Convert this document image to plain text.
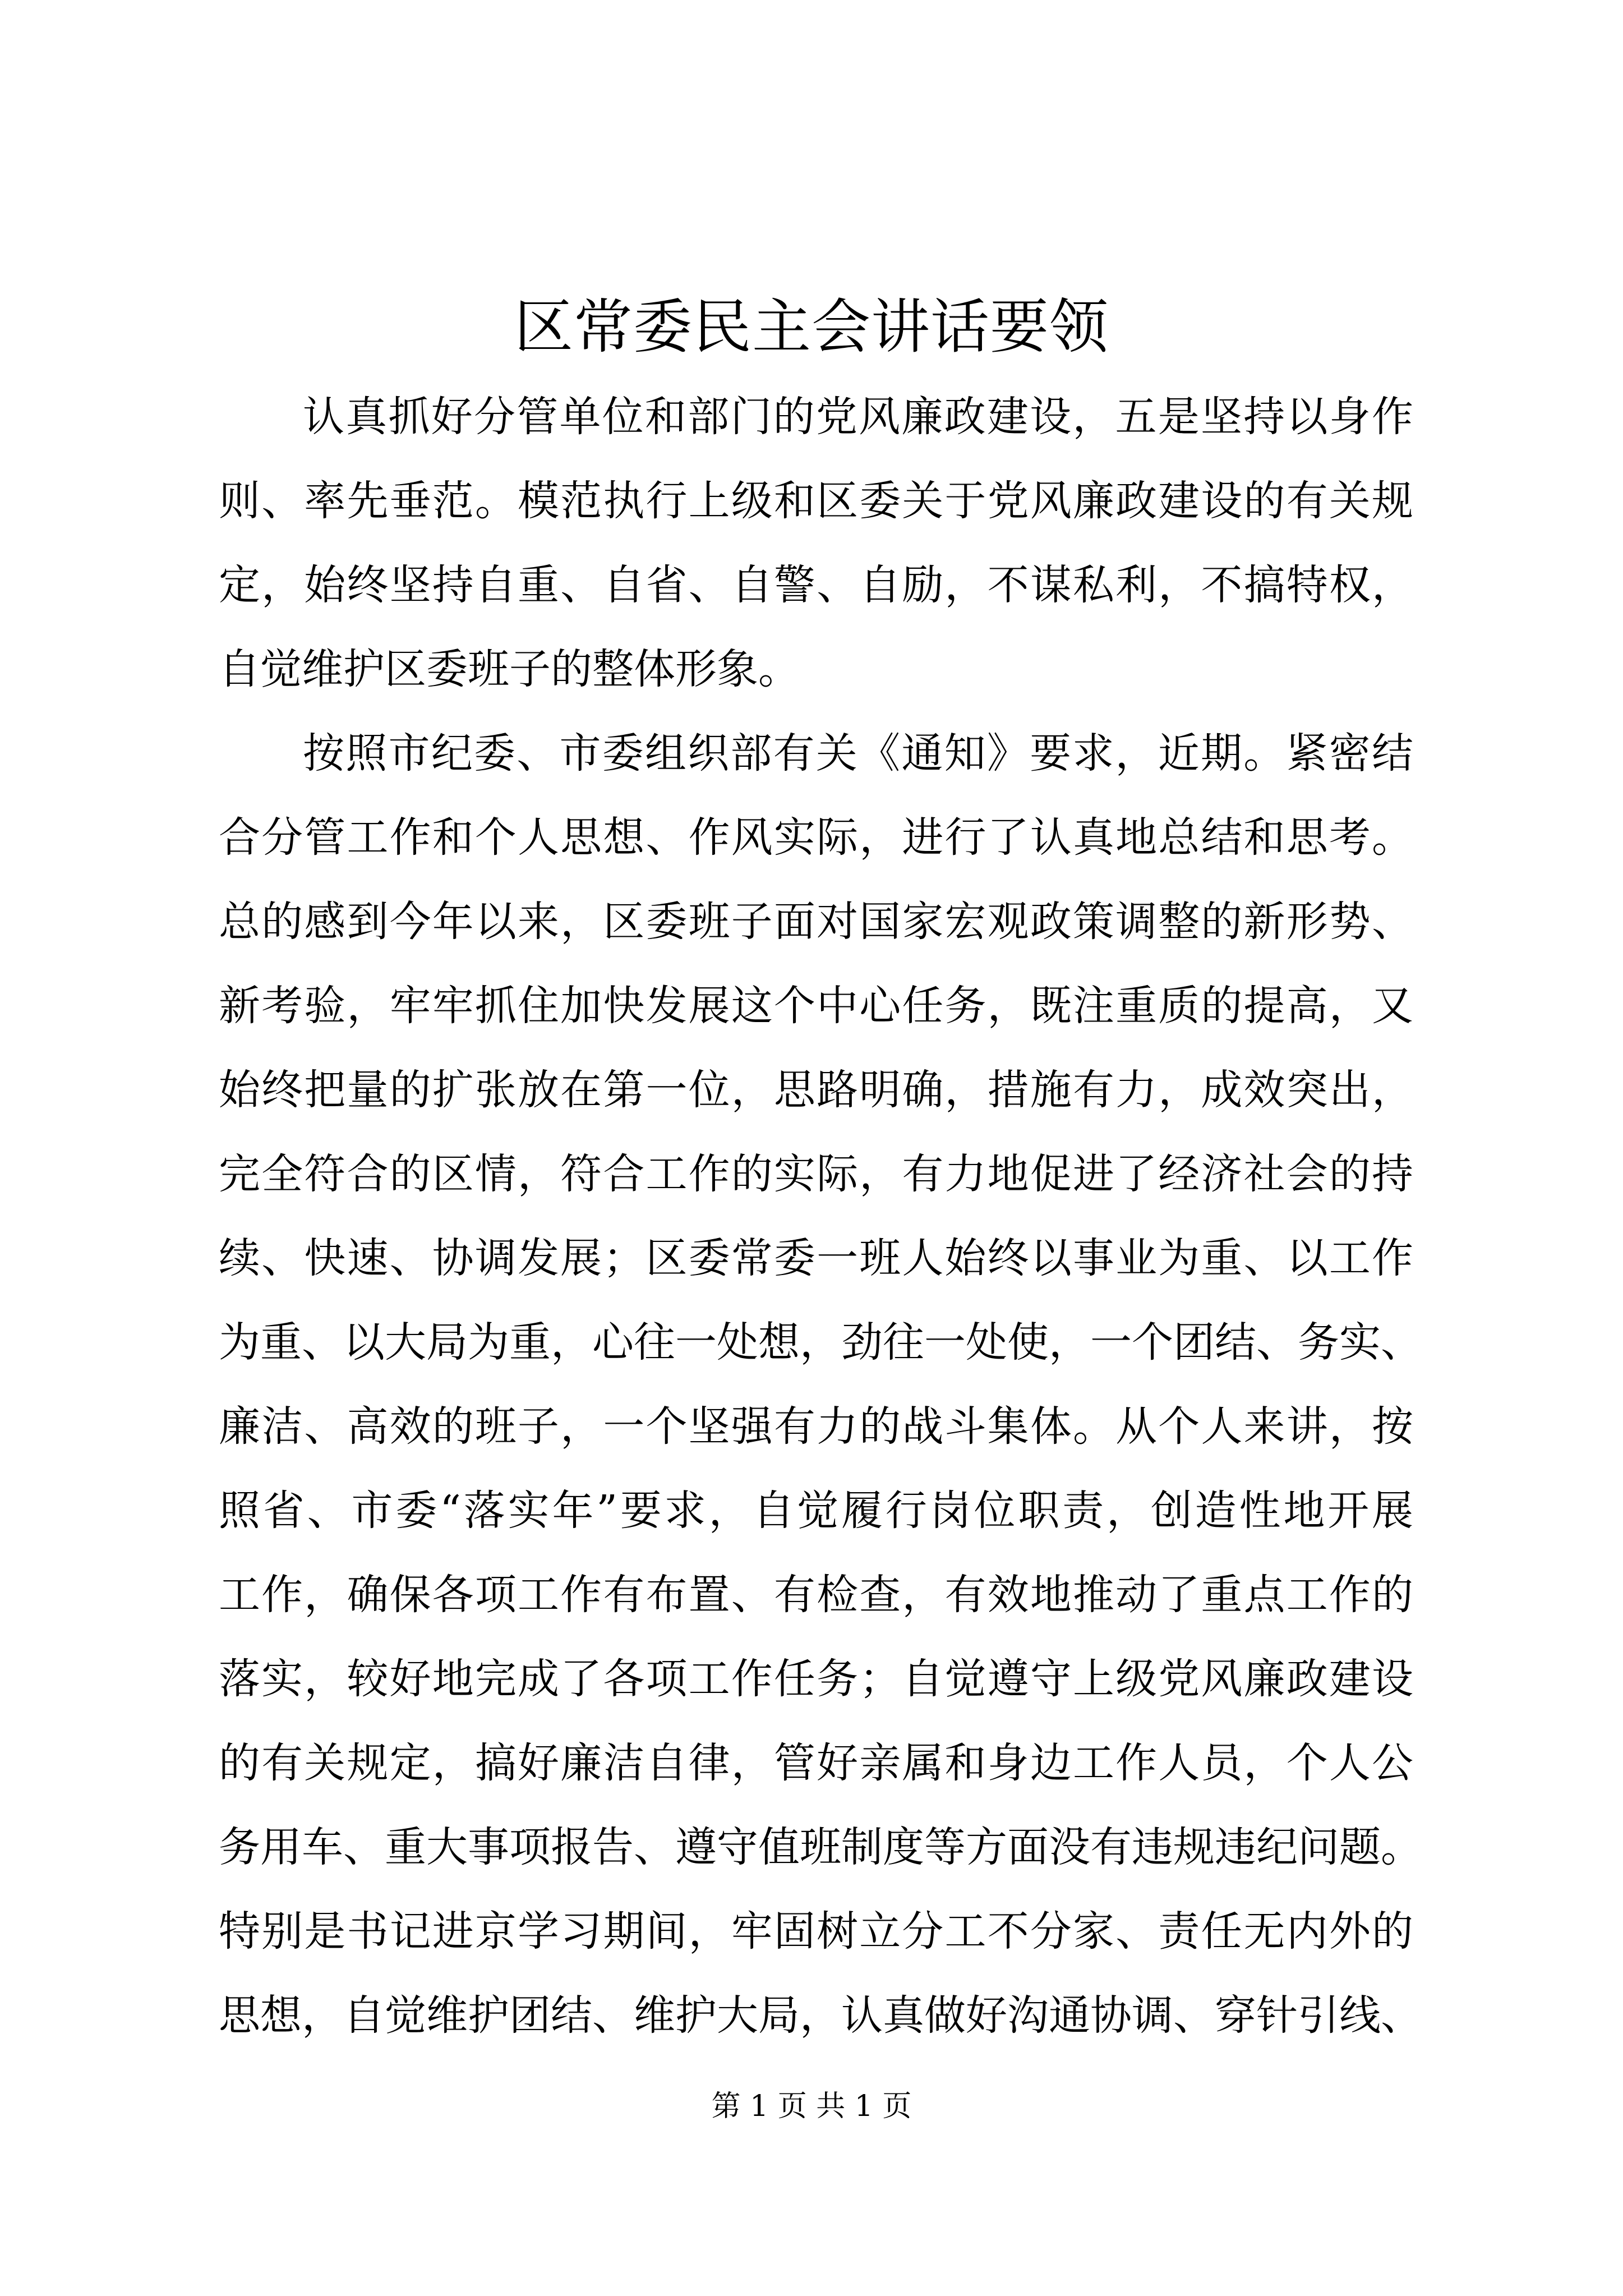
区常委民主会讲话要领
认真抓好分管单位和部门的党风廉政建设，五是坚持以身作
则、率先垂范。模范执行上级和区委关于党风廉政建设的有关规
定，始终坚持自重、自省、自警、自励，不谋私利，不搞特权，
自觉维护区委班子的整体形象。
按照市纪委、市委组织部有关《通知》要求，近期。紧密结
合分管工作和个人思想、作风实际，进行了认真地总结和思考。
总的感到今年以来，区委班子面对国家宏观政策调整的新形势、
新考验，牢牢抓住加快发展这个中心任务，既注重质的提高，又
始终把量的扩张放在第一位，思路明确，措施有力，成效突出，
完全符合的区情，符合工作的实际，有力地促进了经济社会的持
续、快速、协调发展；区委常委一班人始终以事业为重、以工作
为重、以大局为重，心往一处想，劲往一处使，一个团结、务实、
廉洁、高效的班子，一个坚强有力的战斗集体。从个人来讲，按
照省、市委“落实年”要求，自觉履行岗位职责，创造性地开展
工作，确保各项工作有布置、有检查，有效地推动了重点工作的
落实，较好地完成了各项工作任务；自觉遵守上级党风廉政建设
的有关规定，搞好廉洁自律，管好亲属和身边工作人员，个人公
务用车、重大事项报告、遵守值班制度等方面没有违规违纪问题。
特别是书记进京学习期间，牢固树立分工不分家、责任无内外的
思想，自觉维护团结、维护大局，认真做好沟通协调、穿针引线、
第 1 页 共 1 页
